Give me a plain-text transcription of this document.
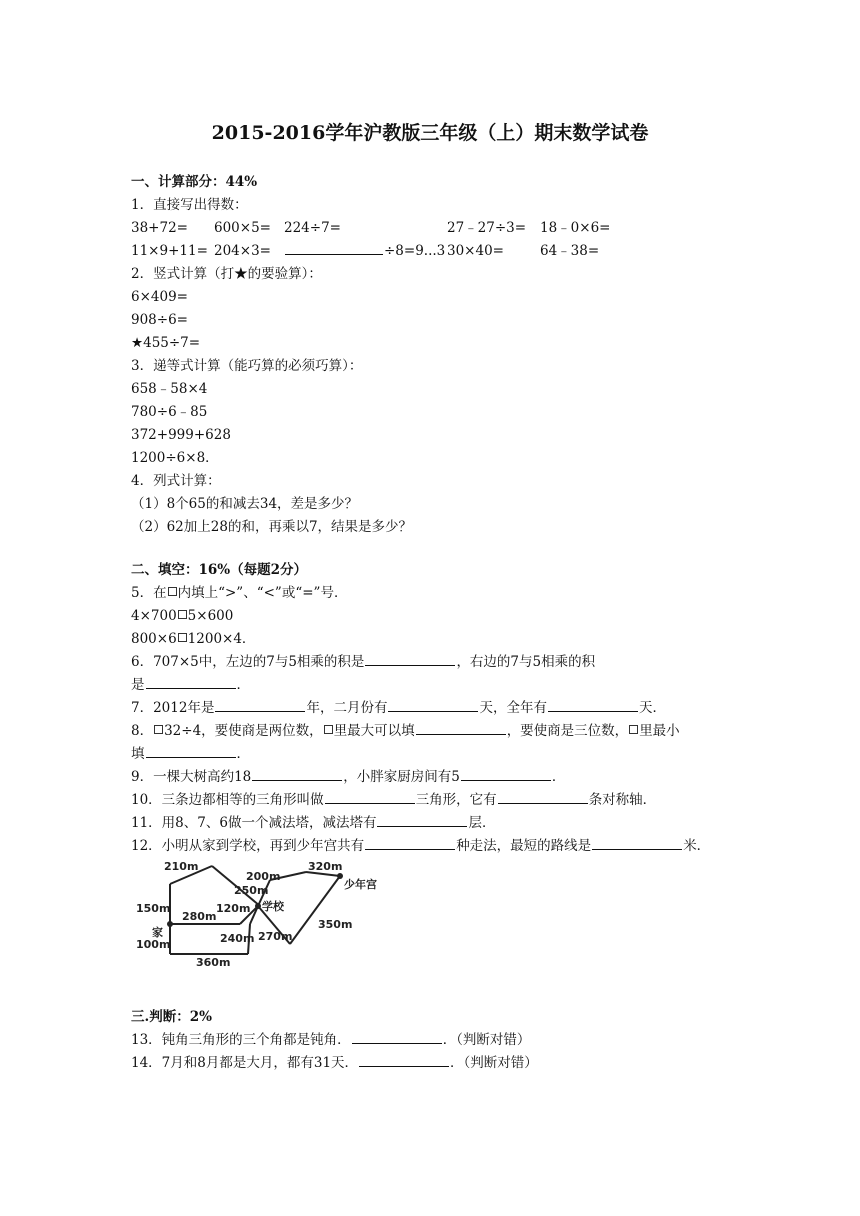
2015-2016学年沪教版三年级（上）期末数学试卷
一、计算部分：44%
1．直接写出得数：
38+72= 600×5= 224÷7=	27﹣27÷3= 18﹣0×6=
11×9+11= 204×3=	÷8=9...3 30×40=	64﹣38=
2．竖式计算（打★的要验算）：
6×409=
908÷6=
★455÷7=
3．递等式计算（能巧算的必须巧算）：
658﹣58×4
780÷6﹣85
372+999+628
1200÷6×8．
4．列式计算：
（1）8个65的和减去34，差是多少？
（2）62加上28的和，再乘以7，结果是多少？
二、填空：16%（每题2分）
5．在 内填上“>”、“<”或“=”号．
4×700 5×600
800×6 1200×4．
6．707×5中，左边的7与5相乘的积是	，右边的7与5相乘的积
是	．
7．2012年是	年，二月份有	天，全年有	天．
8． 32÷4，要使商是两位数， 里最大可以填	，要使商是三位数， 里最小
填	．
9．一棵大树高约18	，小胖家厨房间有5	．
10．三条边都相等的三角形叫做	三角形，它有	条对称轴．
11．用8、7、6做一个减法塔，减法塔有	层．
12．小明从家到学校，再到少年宫共有	种走法，最短的路线是	米．
210m
250m
200m
320m
150m	120m
280m
100m	240m 270m
350m
360m
家
学校
少年宫
三.判断：2%
13．钝角三角形的三个角都是钝角．	．（判断对错）
14．7月和8月都是大月，都有31天．	．（判断对错）
